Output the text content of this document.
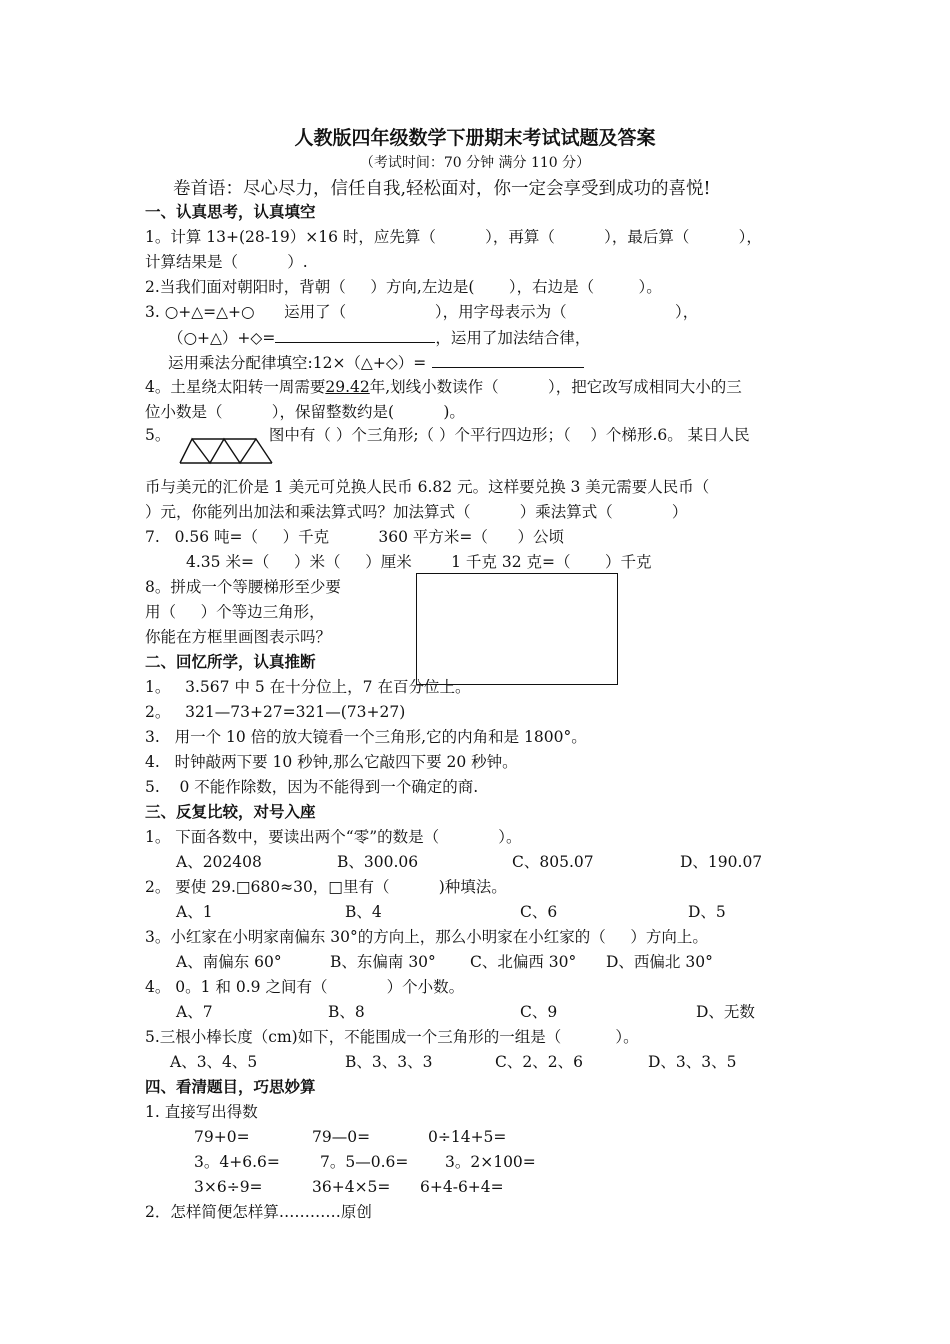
人教版四年级数学下册期末考试试题及答案
（考试时间：70 分钟 满分 110 分）
卷首语：尽心尽力，信任自我,轻松面对，你一定会享受到成功的喜悦!
一、认真思考，认真填空
1。计算 13+(28-19）×16 时，应先算（          ），再算（          ），最后算（          ），
计算结果是（          ）.
2.当我们面对朝阳时，背朝（     ）方向,左边是(       ），右边是（         ）。
3. ○+△=△+○      运用了（                  ），用字母表示为（                      ），
（○+△）+◇=	，运用了加法结合律，
运用乘法分配律填空:12×（△+◇）=
4。土星绕太阳转一周需要29.42年,划线小数读作（          ），把它改写成相同大小的三
位小数是（          ），保留整数约是(          )。
5。                    图中有（ ）个三角形;（ ）个平行四边形；（    ）个梯形.6。 某日人民
币与美元的汇价是 1 美元可兑换人民币 6.82 元。这样要兑换 3 美元需要人民币（
）元，你能列出加法和乘法算式吗？加法算式（          ）乘法算式（            ）
7.   0.56 吨=（     ）千克          360 平方米=（      ）公顷
4.35 米=（     ）米（     ）厘米        1 千克 32 克=（       ）千克
8。拼成一个等腰梯形至少要
用（     ）个等边三角形，
你能在方框里画图表示吗？
二、回忆所学，认真推断
1。   3.567 中 5 在十分位上，7 在百分位上。
2。   321—73+27=321—(73+27)
3.   用一个 10 倍的放大镜看一个三角形,它的内角和是 1800°。
4.   时钟敲两下要 10 秒钟,那么它敲四下要 20 秒钟。
5.    0 不能作除数，因为不能得到一个确定的商.
三、反复比较，对号入座
1。 下面各数中，要读出两个“零”的数是（            ）。
A、202408	B、300.06	C、805.07	D、190.07
2。 要使 29.□680≈30，□里有（          )种填法。
A、1	B、4	C、6	D、5
3。小红家在小明家南偏东 30°的方向上，那么小明家在小红家的（     ）方向上。
A、南偏东 60°	B、东偏南 30° C、北偏西 30° D、西偏北 30°
4。 0。1 和 0.9 之间有（            ）个小数。
A、7	B、8	C、9	D、无数
5.三根小棒长度（cm)如下，不能围成一个三角形的一组是（           ）。
A、3、4、5	B、3、3、3	C、2、2、6	D、3、3、5
四、看清题目，巧思妙算
1. 直接写出得数
79+0=	79—0=	0÷14+5=
3。4+6.6=	7。5—0.6= 3。2×100=
3×6÷9=	36+4×5= 6+4-6+4=
2．怎样简便怎样算…………原创
